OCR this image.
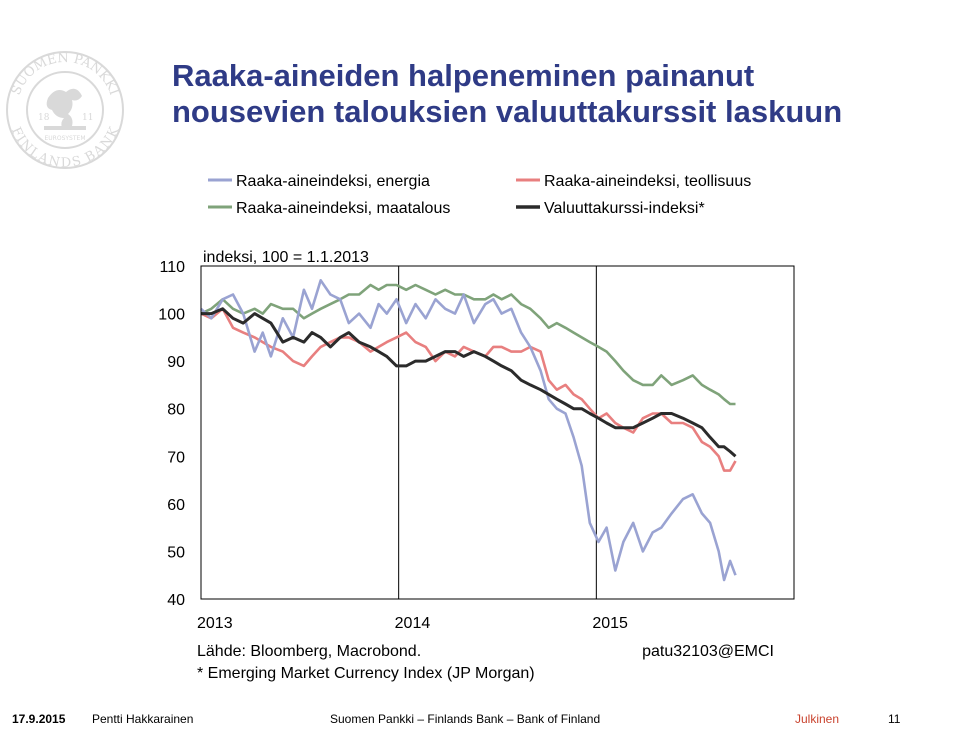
18	11
EUROSYSTEM
SUOMEN PANKKI
FINLANDS BANK
Raaka-aineiden halpeneminen painanut
nousevien talouksien valuuttakurssit laskuun
Raaka-aineindeksi, energia
Raaka-aineindeksi, maatalous
Raaka-aineindeksi, teollisuus
Valuuttakurssi-indeksi*
indeksi, 100 = 1.1.2013
40
50
60
70
80
90
100
110
2013	2014	2015
Lähde: Bloomberg, Macrobond.	patu32103@EMCI
* Emerging Market Currency Index (JP Morgan)
17.9.2015 Pentti Hakkarainen	Suomen Pankki – Finlands Bank – Bank of Finland	Julkinen	11
